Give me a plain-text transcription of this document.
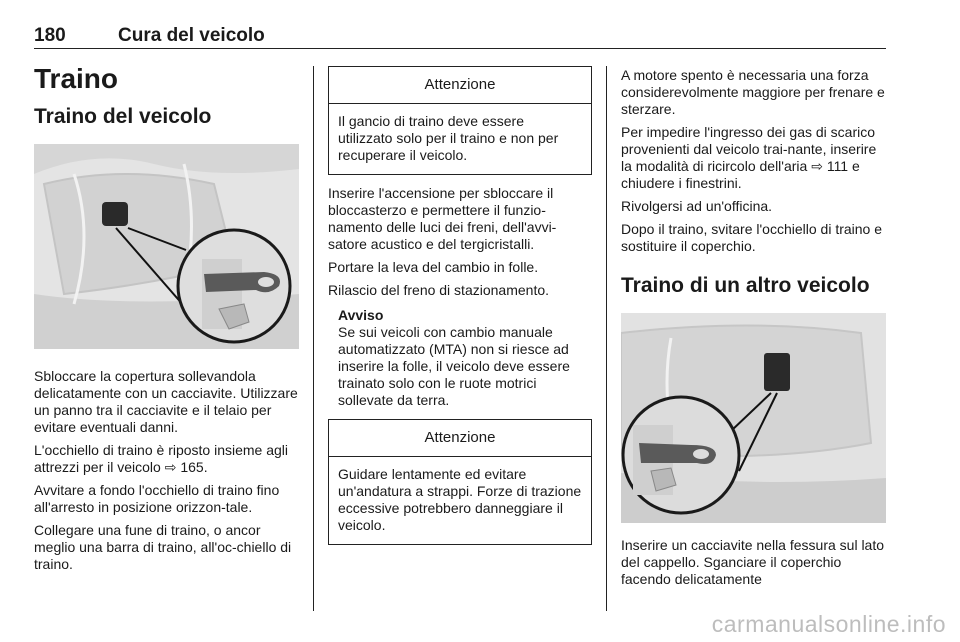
180	Cura del veicolo
Traino
Traino del veicolo

Sbloccare la copertura sollevandola delicatamente con un cacciavite. Utilizzare un panno tra il cacciavite e il telaio per evitare eventuali danni.

L'occhiello di traino è riposto insieme agli attrezzi per il veicolo ⇨ 165.

Avvitare a fondo l'occhiello di traino fino all'arresto in posizione orizzon-tale.

Collegare una fune di traino, o ancor meglio una barra di traino, all'oc-chiello di traino.

Attenzione

Il gancio di traino deve essere utilizzato solo per il traino e non per recuperare il veicolo.

Inserire l'accensione per sbloccare il bloccasterzo e permettere il funzio-namento delle luci dei freni, dell'avvi-satore acustico e del tergicristalli.

Portare la leva del cambio in folle.

Rilascio del freno di stazionamento.

Avviso

Se sui veicoli con cambio manuale automatizzato (MTA) non si riesce ad inserire la folle, il veicolo deve essere trainato solo con le ruote motrici sollevate da terra.

Attenzione

Guidare lentamente ed evitare un'andatura a strappi. Forze di trazione eccessive potrebbero danneggiare il veicolo.

A motore spento è necessaria una forza considerevolmente maggiore per frenare e sterzare.

Per impedire l'ingresso dei gas di scarico provenienti dal veicolo trai-nante, inserire la modalità di ricircolo dell'aria ⇨ 111 e chiudere i finestrini.

Rivolgersi ad un'officina.

Dopo il traino, svitare l'occhiello di traino e sostituire il coperchio.

Traino di un altro veicolo

Inserire un cacciavite nella fessura sul lato del cappello. Sganciare il coperchio facendo delicatamente

carmanualsonline.info
